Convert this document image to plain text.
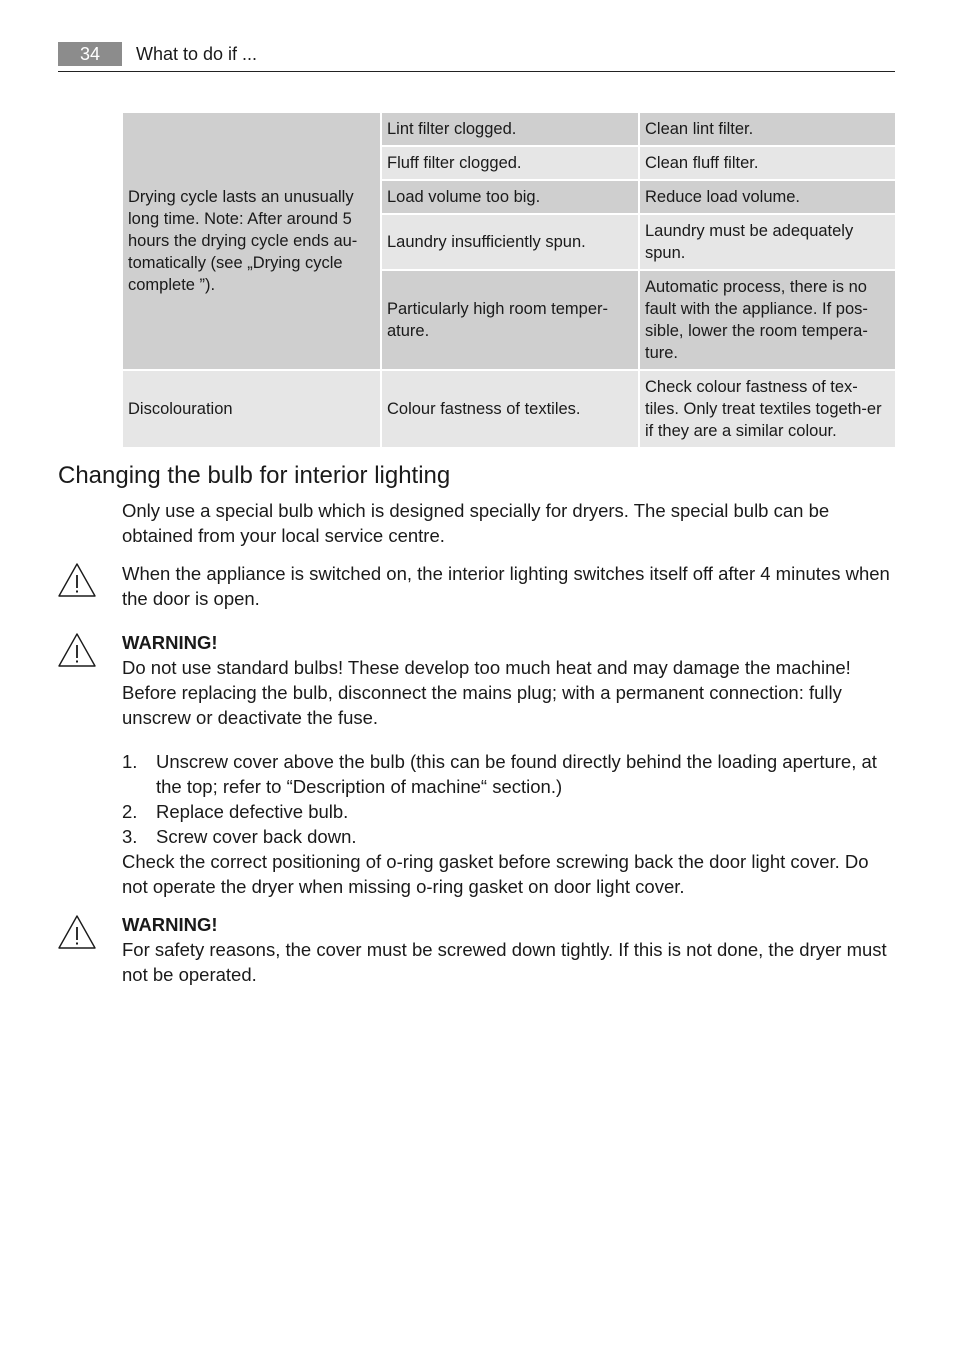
34	What to do if ...
Drying cycle lasts an unusually long time. Note: After around 5 hours the drying cycle ends au-tomatically (see „Drying cycle complete ”).	Lint filter clogged.	Clean lint filter.
	Fluff filter clogged.	Clean fluff filter.
	Load volume too big.	Reduce load volume.
	Laundry insufficiently spun.	Laundry must be adequately spun.
	Particularly high room temper-ature.	Automatic process, there is no fault with the appliance. If pos-sible, lower the room tempera-ture.
Discolouration	Colour fastness of textiles.	Check colour fastness of tex-tiles. Only treat textiles togeth-er if they are a similar colour.
Changing the bulb for interior lighting

Only use a special bulb which is designed specially for dryers. The special bulb can be obtained from your local service centre.

When the appliance is switched on, the interior lighting switches itself off after 4 minutes when the door is open.

WARNING!
Do not use standard bulbs! These develop too much heat and may damage the machine! Before replacing the bulb, disconnect the mains plug; with a permanent connection: fully unscrew or deactivate the fuse.
1. Unscrew cover above the bulb (this can be found directly behind the loading aperture, at the top; refer to “Description of machine“ section.)
2. Replace defective bulb.
3. Screw cover back down.

Check the correct positioning of o-ring gasket before screwing back the door light cover. Do not operate the dryer when missing o-ring gasket on door light cover.

WARNING!
For safety reasons, the cover must be screwed down tightly. If this is not done, the dryer must not be operated.
